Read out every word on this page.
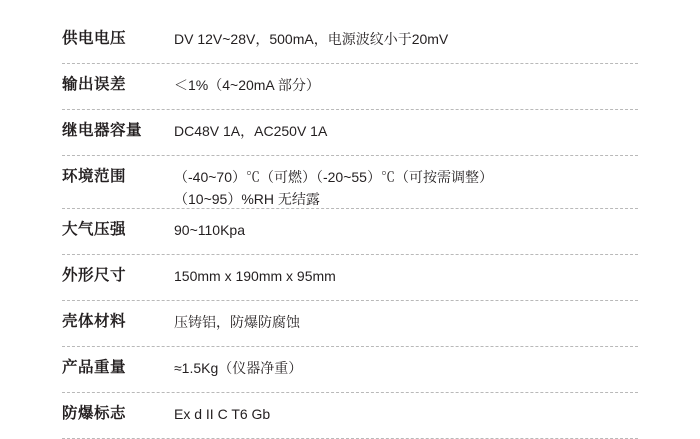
供电电压	DV 12V~28V，500mA，电源波纹小于20mV
输出误差	＜1%（4~20mA 部分）
继电器容量	DC48V 1A，AC250V 1A
环境范围	（-40~70）℃（可燃）（-20~55）℃（可按需调整）
（10~95）%RH 无结露
大气压强	90~110Kpa
外形尺寸	150mm x 190mm x 95mm
壳体材料	压铸铝，防爆防腐蚀
产品重量	≈1.5Kg（仪器净重）
防爆标志	Ex d II C T6 Gb
